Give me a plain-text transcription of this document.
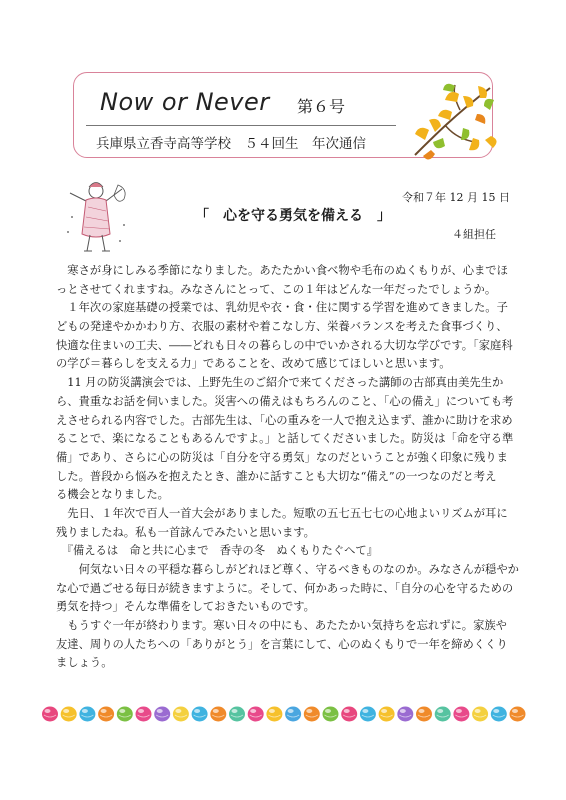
Now or Never 第６号
兵庫県立香寺高等学校　５４回生　年次通信
令和７年 12 月 15 日
「　心を守る勇気を備える　」
４組担任
　寒さが身にしみる季節になりました。あたたかい食べ物や毛布のぬくもりが、心までほ
っとさせてくれますね。みなさんにとって、この１年はどんな一年だったでしょうか。
　１年次の家庭基礎の授業では、乳幼児や衣・食・住に関する学習を進めてきました。子
どもの発達やかかわり方、衣服の素材や着こなし方、栄養バランスを考えた食事づくり、
快適な住まいの工夫、――どれも日々の暮らしの中でいかされる大切な学びです。「家庭科
の学び＝暮らしを支える力」であることを、改めて感じてほしいと思います。
　11 月の防災講演会では、上野先生のご紹介で来てくださった講師の古部真由美先生か
ら、貴重なお話を伺いました。災害への備えはもちろんのこと、「心の備え」についても考
えさせられる内容でした。古部先生は、「心の重みを一人で抱え込まず、誰かに助けを求め
ることで、楽になることもあるんですよ。」と話してくださいました。防災は「命を守る準
備」であり、さらに心の防災は「自分を守る勇気」なのだということが強く印象に残りま
した。普段から悩みを抱えたとき、誰かに話すことも大切な“備え”の一つなのだと考え
る機会となりました。
　先日、１年次で百人一首大会がありました。短歌の五七五七七の心地よいリズムが耳に
残りましたね。私も一首詠んでみたいと思います。
　『備えるは　命と共に心まで　香寺の冬　ぬくもりたぐへて』
　　何気ない日々の平穏な暮らしがどれほど尊く、守るべきものなのか。みなさんが穏やか
な心で過ごせる毎日が続きますように。そして、何かあった時に、「自分の心を守るための
勇気を持つ」そんな準備をしておきたいものです。
　もうすぐ一年が終わります。寒い日々の中にも、あたたかい気持ちを忘れずに。家族や
友達、周りの人たちへの「ありがとう」を言葉にして、心のぬくもりで一年を締めくくり
ましょう。
